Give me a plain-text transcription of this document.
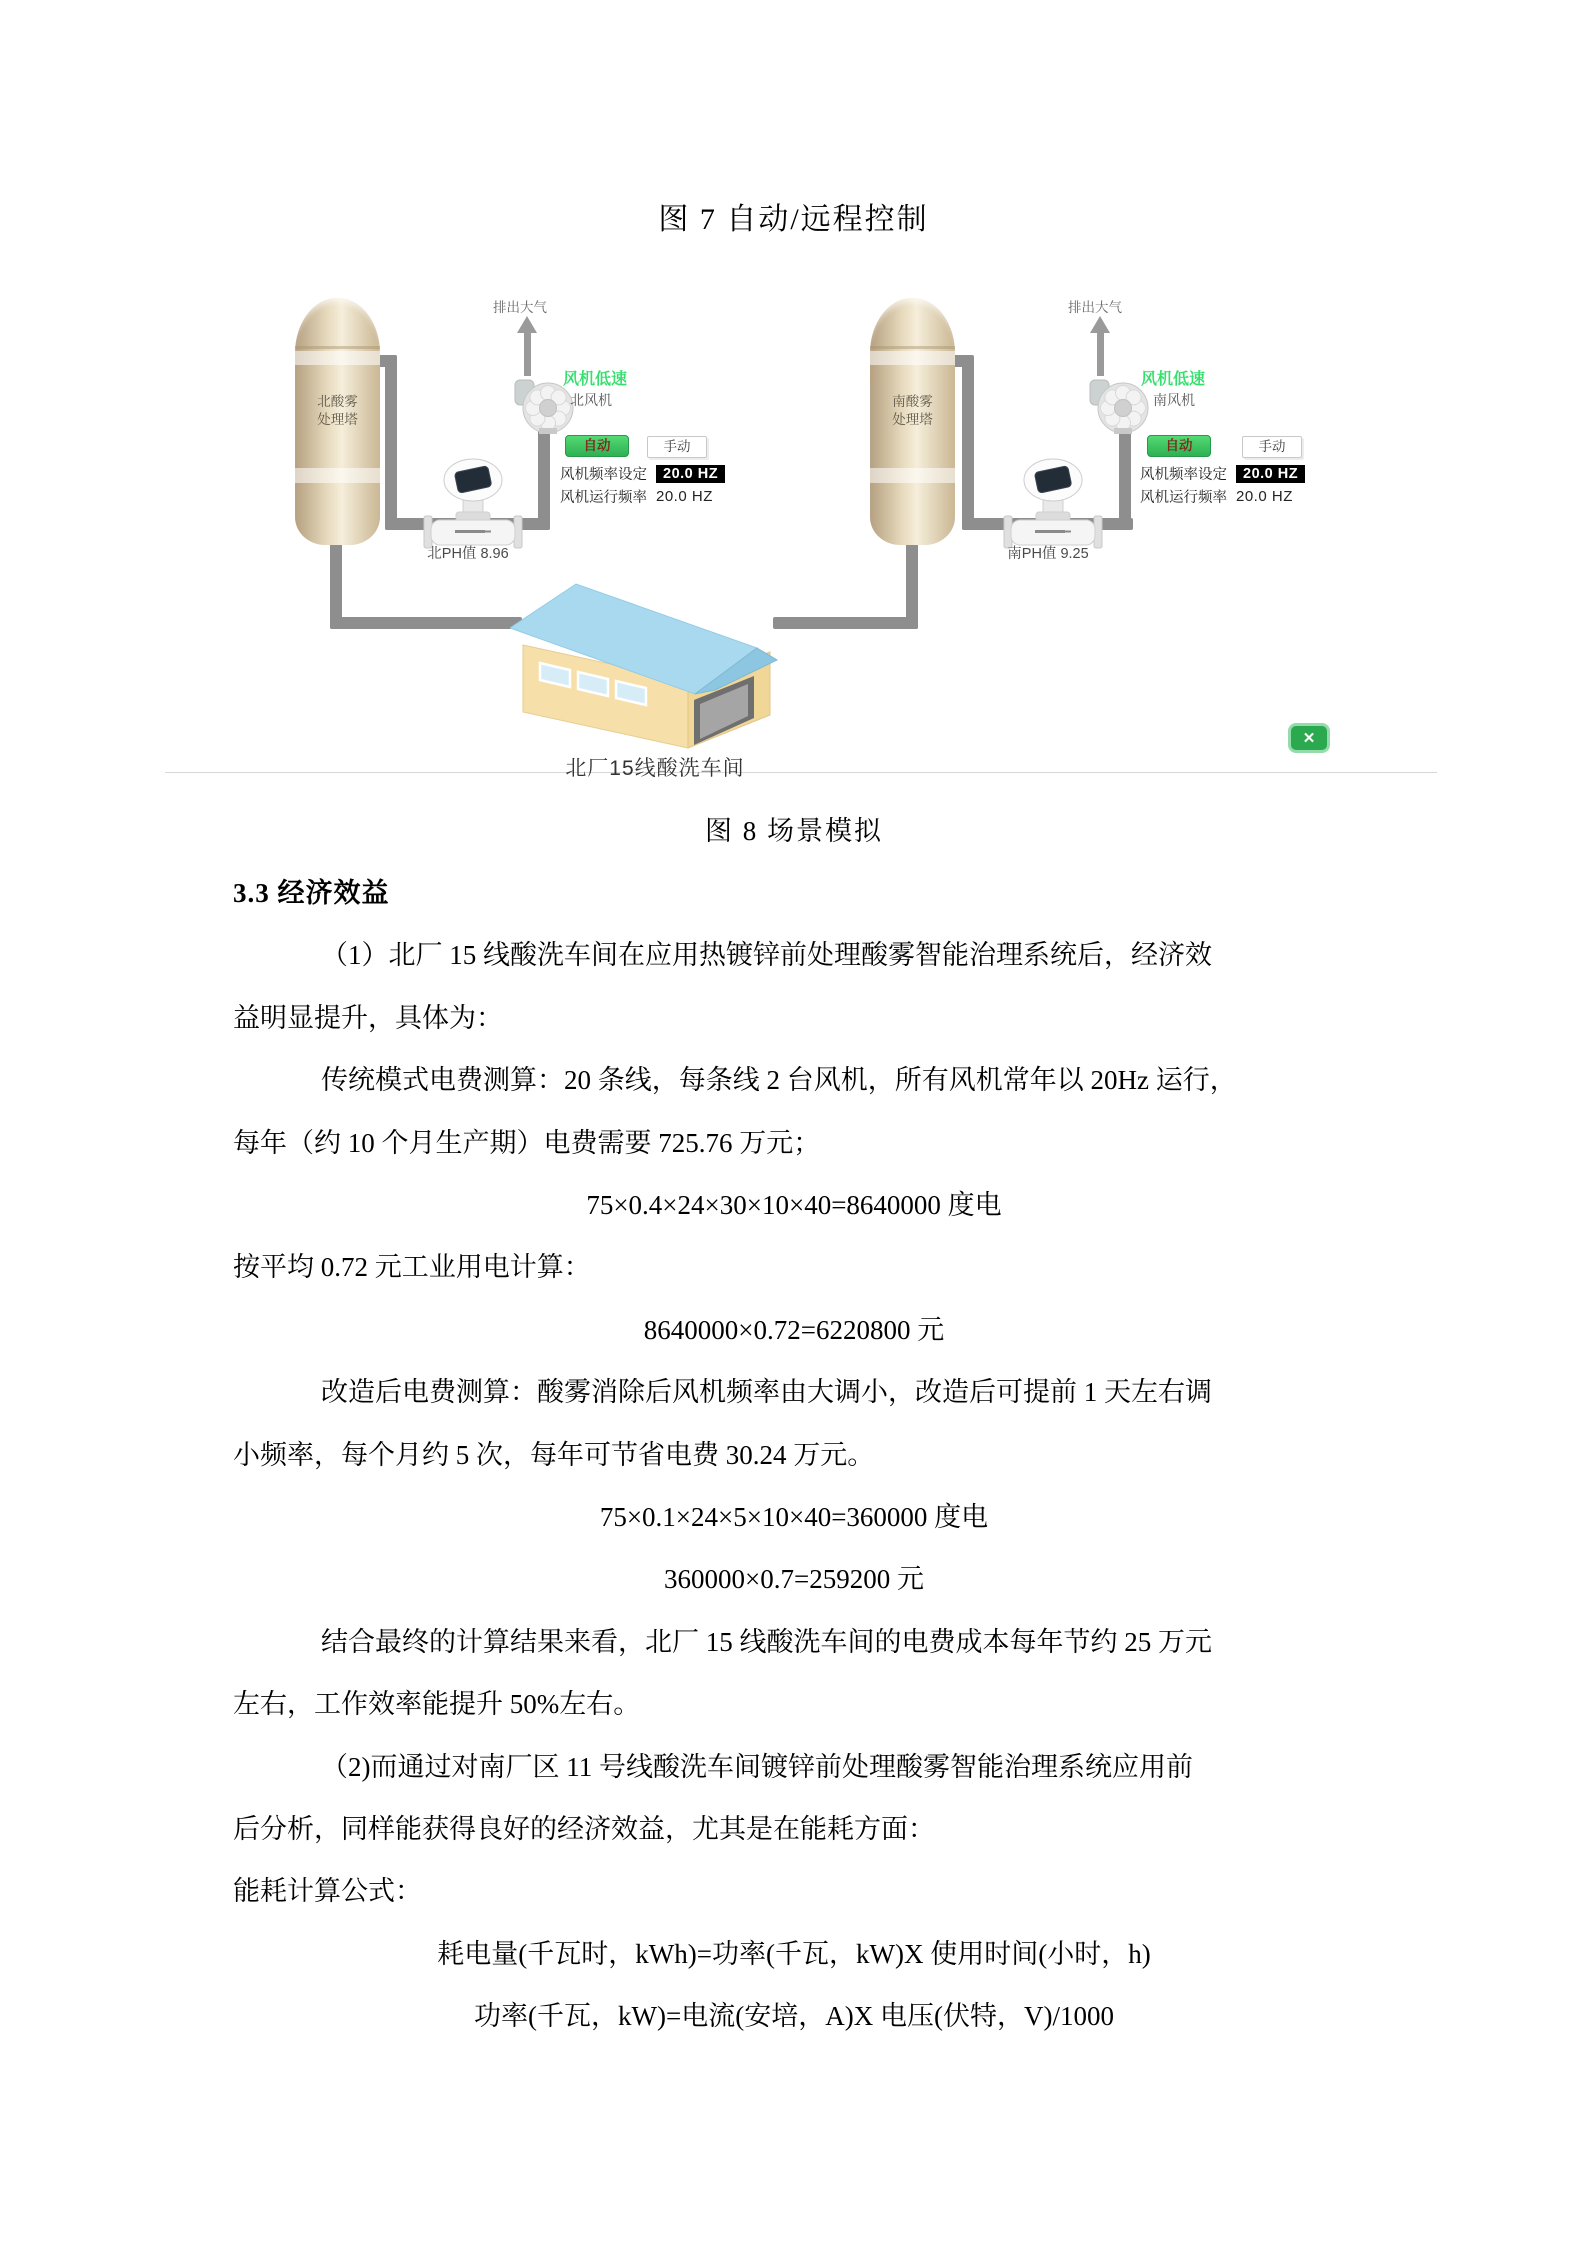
图 7 自动/远程控制
北酸雾
处理塔
南酸雾
处理塔
排出大气
风机低速
北风机
排出大气
风机低速
南风机
自动	手动
风机频率设定	20.0 HZ
风机运行频率 20.0 HZ
自动	手动
风机频率设定	20.0 HZ
风机运行频率 20.0 HZ
北PH值 8.96	南PH值 9.25
北厂15线酸洗车间
✕
图 8 场景模拟
3.3 经济效益
（1）北厂 15 线酸洗车间在应用热镀锌前处理酸雾智能治理系统后，经济效
益明显提升，具体为：
传统模式电费测算：20 条线，每条线 2 台风机，所有风机常年以 20Hz 运行，
每年（约 10 个月生产期）电费需要 725.76 万元；
75×0.4×24×30×10×40=8640000 度电
按平均 0.72 元工业用电计算：
8640000×0.72=6220800 元
改造后电费测算：酸雾消除后风机频率由大调小，改造后可提前 1 天左右调
小频率，每个月约 5 次，每年可节省电费 30.24 万元。
75×0.1×24×5×10×40=360000 度电
360000×0.7=259200 元
结合最终的计算结果来看，北厂 15 线酸洗车间的电费成本每年节约 25 万元
左右，工作效率能提升 50%左右。
（2)而通过对南厂区 11 号线酸洗车间镀锌前处理酸雾智能治理系统应用前
后分析，同样能获得良好的经济效益，尤其是在能耗方面：
能耗计算公式：
耗电量(千瓦时，kWh)=功率(千瓦，kW)X 使用时间(小时，h)
功率(千瓦，kW)=电流(安培，A)X 电压(伏特，V)/1000
